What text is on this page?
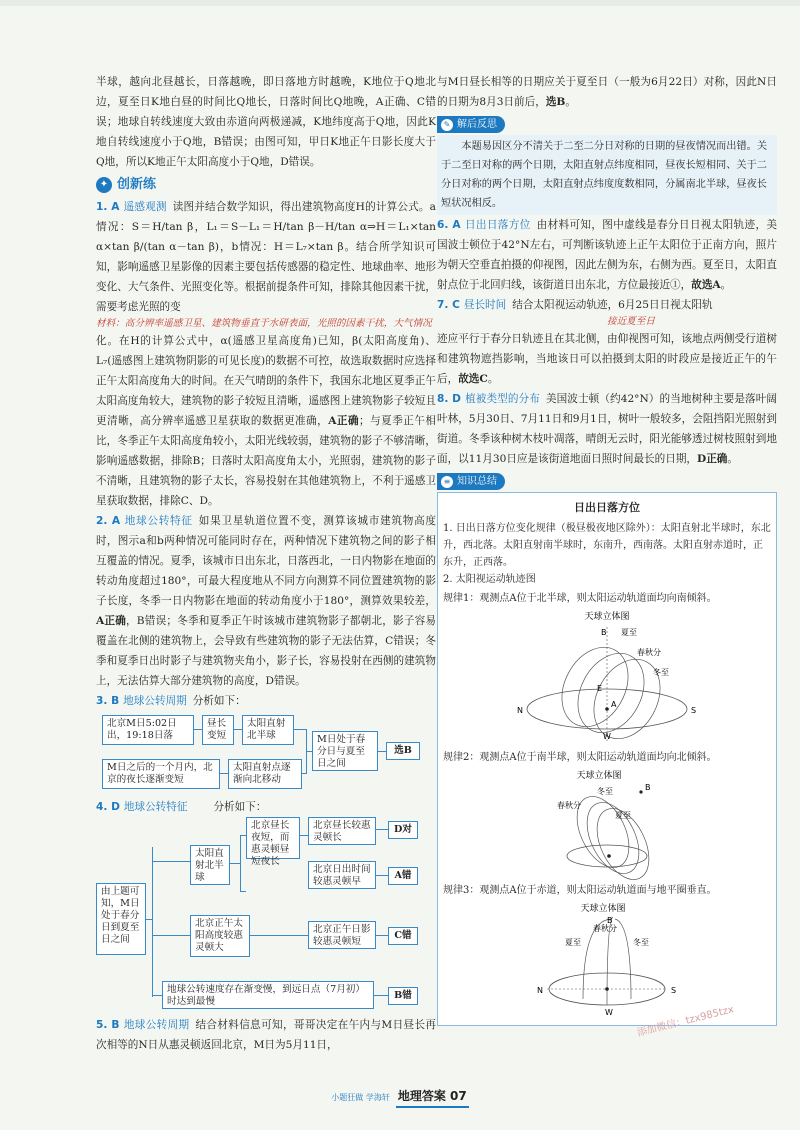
半球，越向北昼越长，日落越晚，即日落地方时越晚，K地位于Q地北边，夏至日K地白昼的时间比Q地长，日落时间比Q地晚，A正确、C错误；地球自转线速度大致由赤道向两极递减，K地纬度高于Q地，因此K地自转线速度小于Q地，B错误；由图可知，甲日K地正午日影长度大于Q地，所以K地正午太阳高度小于Q地，D错误。

✦ 创新练

1. A 遥感观测 读图并结合数学知识，得出建筑物高度H的计算公式。a情况：S＝H/tan β，L₁＝S－L₁＝H/tan β－H/tan α⇒H＝L₁×tan α×tan β/(tan α－tan β)，b情况：H＝L₇×tan β。结合所学知识可知，影响遥感卫星影像的因素主要包括传感器的稳定性、地球曲率、地形变化、大气条件、光照变化等。根据前提条件可知，排除其他因素干扰，需要考虑光照的变

材料：高分辨率遥感卫星、建筑物垂直于水研表面，光照的因素干扰，大气情况

化。在H的计算公式中，α(遥感卫星高度角)已知，β(太阳高度角)、L₇(遥感图上建筑物阴影的可见长度)的数据不可控，故选取数据时应选择正午太阳高度角大的时间。在天气晴朗的条件下，我国东北地区夏季正午太阳高度角较大，建筑物的影子较短且清晰，遥感图上建筑物影子较短且更清晰，高分辨率遥感卫星获取的数据更准确，A正确；与夏季正午相比，冬季正午太阳高度角较小，太阳光线较弱，建筑物的影子不够清晰，影响遥感数据，排除B；日落时太阳高度角太小，光照弱，建筑物的影子不清晰，且建筑物的影子太长，容易投射在其他建筑物上，不利于遥感卫星获取数据，排除C、D。

2. A 地球公转特征 如果卫星轨道位置不变，测算该城市建筑物高度时，图示a和b两种情况可能同时存在，两种情况下建筑物之间的影子相互覆盖的情况。夏季，该城市日出东北，日落西北，一日内物影在地面的转动角度超过180°，可最大程度地从不同方向测算不同位置建筑物的影子长度，冬季一日内物影在地面的转动角度小于180°，测算效果较差，A正确，B错误；冬季和夏季正午时该城市建筑物影子都朝北，影子容易覆盖在北侧的建筑物上，会导致有些建筑物的影子无法估算，C错误；冬季和夏季日出时影子与建筑物夹角小，影子长，容易投射在西侧的建筑物上，无法估算大部分建筑物的高度，D错误。

3. B 地球公转周期 分析如下：

北京M日5:02日出，19:18日落
昼长变短
太阳直射北半球
M日之后的一个月内，北京的夜长逐渐变短
太阳直射点逐渐向北移动
M日处于春分日与夏至日之间
选B

4. D 地球公转特征 分析如下：

由上题可知，M日处于春分日到夏至日之间
太阳直射北半球
北京昼长夜短，而惠灵顿昼短夜长
北京昼长较惠灵顿长
D对
北京日出时间较惠灵顿早
A错
北京正午太阳高度较惠灵顿大
北京正午日影较惠灵顿短
C错
地球公转速度存在渐变慢，到远日点（7月初）时达到最慢
B错

5. B 地球公转周期 结合材料信息可知，哥哥决定在午内与M日昼长再次相等的N日从惠灵顿返回北京，M日为5月11日，

与M日昼长相等的日期应关于夏至日（一般为6月22日）对称，因此N日的日期为8月3日前后，选B。

✎ 解后反思

本题易因区分不清关于二至二分日对称的日期的昼夜情况而出错。关于二至日对称的两个日期，太阳直射点纬度相同，昼夜长短相同、关于二分日对称的两个日期，太阳直射点纬度度数相同，分属南北半球，昼夜长短状况相反。

6. A 日出日落方位 由材料可知，图中虚线是春分日日视太阳轨迹，美国波士顿位于42°N左右，可判断该轨迹上正午太阳位于正南方向，照片为朝天空垂直拍摄的仰视图，因此左侧为东，右侧为西。夏至日，太阳直射点位于北回归线，该街道日出东北，方位最接近①，故选A。

7. C 昼长时间 结合太阳视运动轨迹，6月25日日视太阳轨

接近夏至日

迹应平行于春分日轨迹且在其北侧，由仰视图可知，该地点两侧受行道树和建筑物遮挡影响，当地该日可以拍摄到太阳的时段应是接近正午的午后，故选C。

8. D 植被类型的分布 美国波士顿（约42°N）的当地树种主要是落叶阔叶林，5月30日、7月11日和9月1日，树叶一般较多，会阻挡阳光照射到街道。冬季该种树木枝叶凋落，晴朗无云时，阳光能够透过树枝照射到地面，以11月30日应是该街道地面日照时间最长的日期，D正确。

≡ 知识总结
日出日落方位

1. 日出日落方位变化规律（极昼极夜地区除外）：太阳直射北半球时，东北升，西北落。太阳直射南半球时，东南升，西南落。太阳直射赤道时，正东升，正西落。

2. 太阳视运动轨迹图

规律1：观测点A位于北半球，则太阳运动轨道面均向南倾斜。

天球立体图
B 夏至
春秋分
冬至
E
A
N	S
W

规律2：观测点A位于南半球，则太阳运动轨道面均向北倾斜。

天球立体图
冬至
春秋分
夏至
B

规律3：观测点A位于赤道，则太阳运动轨道面与地平圈垂直。

天球立体图
B
夏至
春秋分
冬至
N	S
W 添加微信：tzx985tzx
小题狂做 学海轩 地理答案 07
